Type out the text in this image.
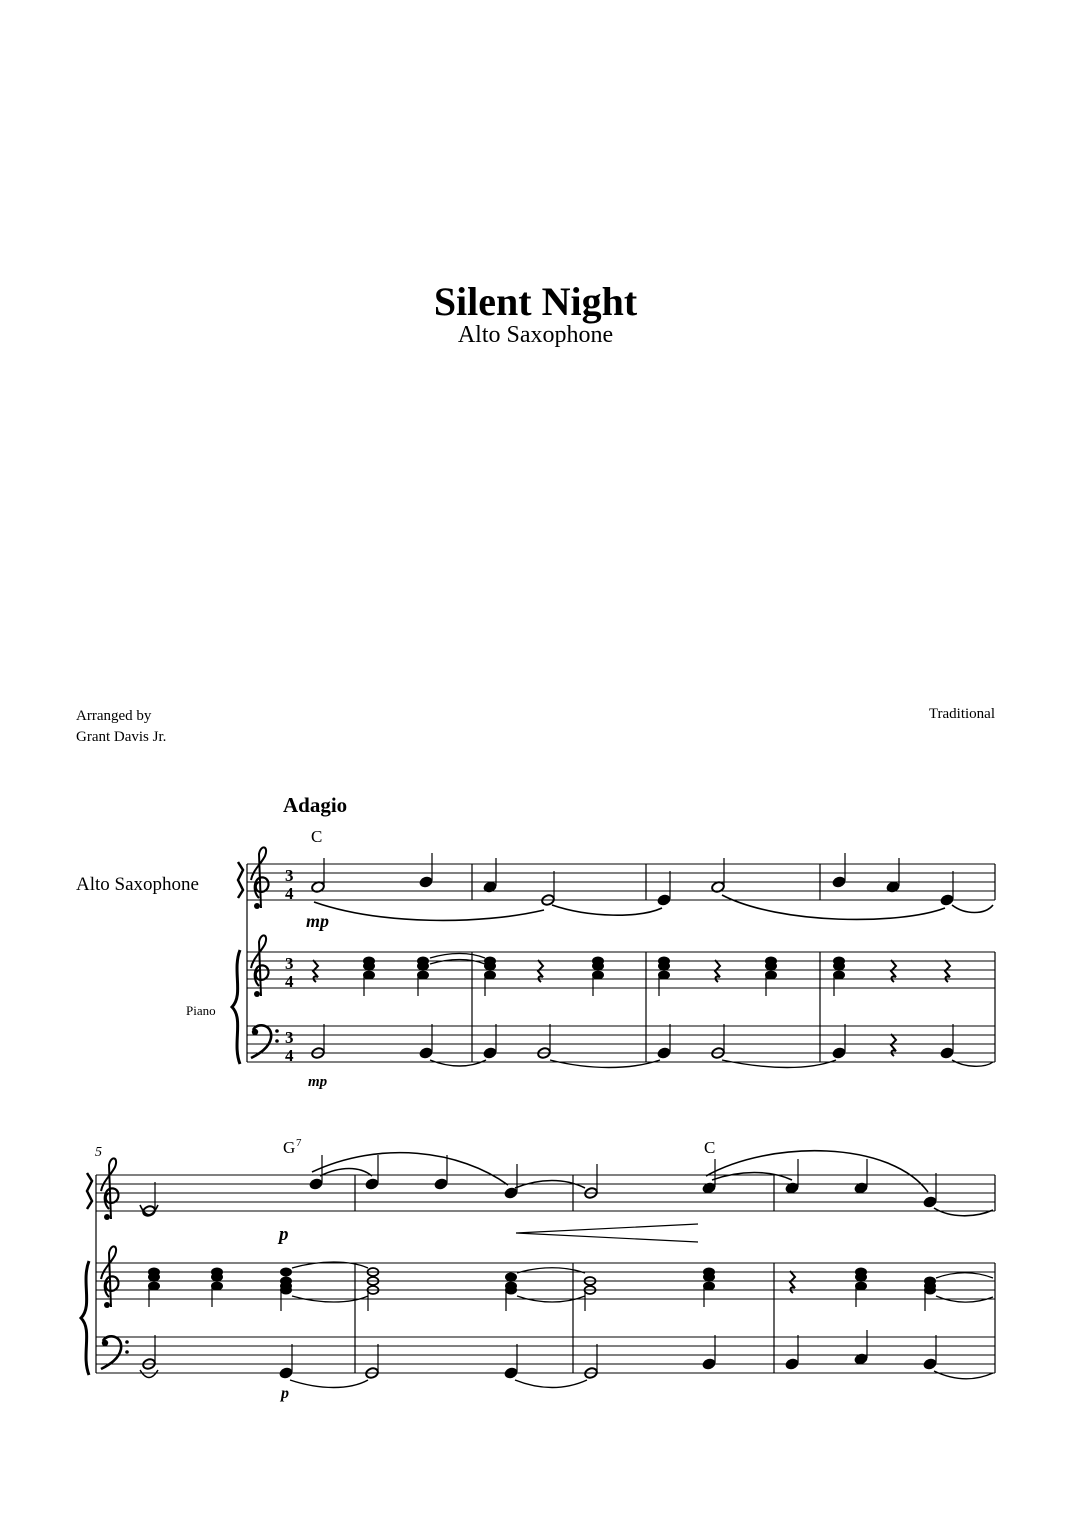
Silent Night
Alto Saxophone
Arranged by
Grant Davis Jr.
Traditional
Adagio
C
Alto Saxophone
Piano
3
4
3
4
3
4
mp
mp
5	G 7	C
p
p
